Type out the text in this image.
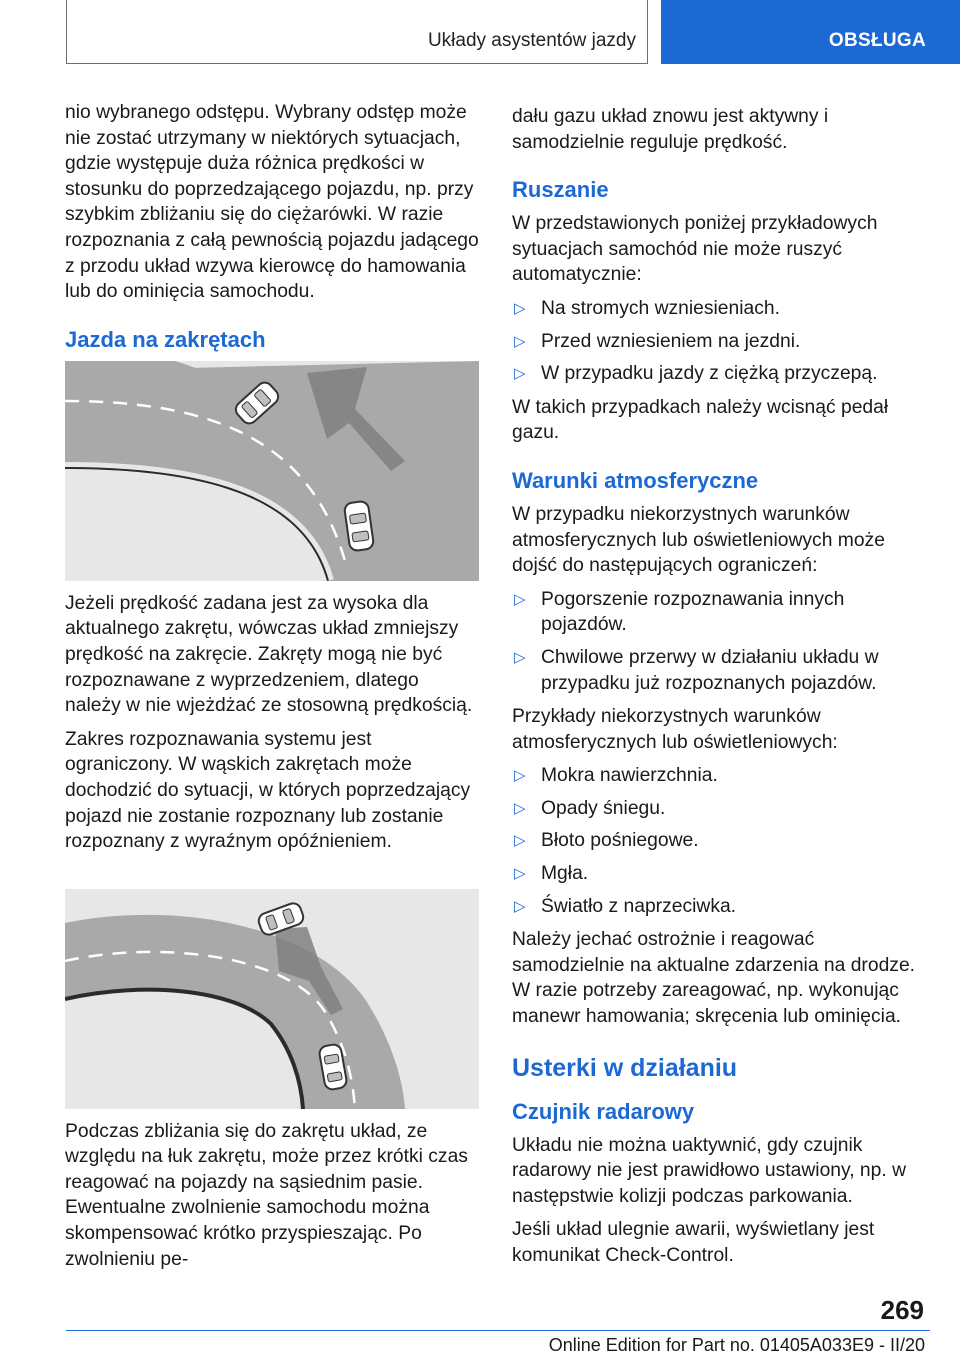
Układy asystentów jazdy	OBSŁUGA

nio wybranego odstępu. Wybrany odstęp może nie zostać utrzymany w niektórych sytuacjach, gdzie występuje duża różnica prędkości w stosunku do poprzedzającego pojazdu, np. przy szybkim zbliżaniu się do ciężarówki. W razie rozpoznania z całą pewnością pojazdu jadącego z przodu układ wzywa kierowcę do hamowania lub do ominięcia samochodu.

Jazda na zakrętach

Jeżeli prędkość zadana jest za wysoka dla aktualnego zakrętu, wówczas układ zmniejszy prędkość na zakręcie. Zakręty mogą nie być rozpoznawane z wyprzedzeniem, dlatego należy w nie wjeżdżać ze stosowną prędkością.

Zakres rozpoznawania systemu jest ograniczony. W wąskich zakrętach może dochodzić do sytuacji, w których poprzedzający pojazd nie zostanie rozpoznany lub zostanie rozpoznany z wyraźnym opóźnieniem.

Podczas zbliżania się do zakrętu układ, ze względu na łuk zakrętu, może przez krótki czas reagować na pojazdy na sąsiednim pasie. Ewentualne zwolnienie samochodu można skompensować krótko przyspieszając. Po zwolnieniu pe-

dału gazu układ znowu jest aktywny i samodzielnie reguluje prędkość.

Ruszanie

W przedstawionych poniżej przykładowych sytuacjach samochód nie może ruszyć automatycznie:

▷ Na stromych wzniesieniach.
▷ Przed wzniesieniem na jezdni.
▷ W przypadku jazdy z ciężką przyczepą.

W takich przypadkach należy wcisnąć pedał gazu.

Warunki atmosferyczne

W przypadku niekorzystnych warunków atmosferycznych lub oświetleniowych może dojść do następujących ograniczeń:

▷ Pogorszenie rozpoznawania innych pojazdów.
▷ Chwilowe przerwy w działaniu układu w przypadku już rozpoznanych pojazdów.

Przykłady niekorzystnych warunków atmosferycznych lub oświetleniowych:

▷ Mokra nawierzchnia.
▷ Opady śniegu.
▷ Błoto pośniegowe.
▷ Mgła.
▷ Światło z naprzeciwka.

Należy jechać ostrożnie i reagować samodzielnie na aktualne zdarzenia na drodze. W razie potrzeby zareagować, np. wykonując manewr hamowania; skręcenia lub ominięcia.

Usterki w działaniu
Czujnik radarowy

Układu nie można uaktywnić, gdy czujnik radarowy nie jest prawidłowo ustawiony, np. w następstwie kolizji podczas parkowania.

Jeśli układ ulegnie awarii, wyświetlany jest komunikat Check-Control.

269
Online Edition for Part no. 01405A033E9 - II/20
